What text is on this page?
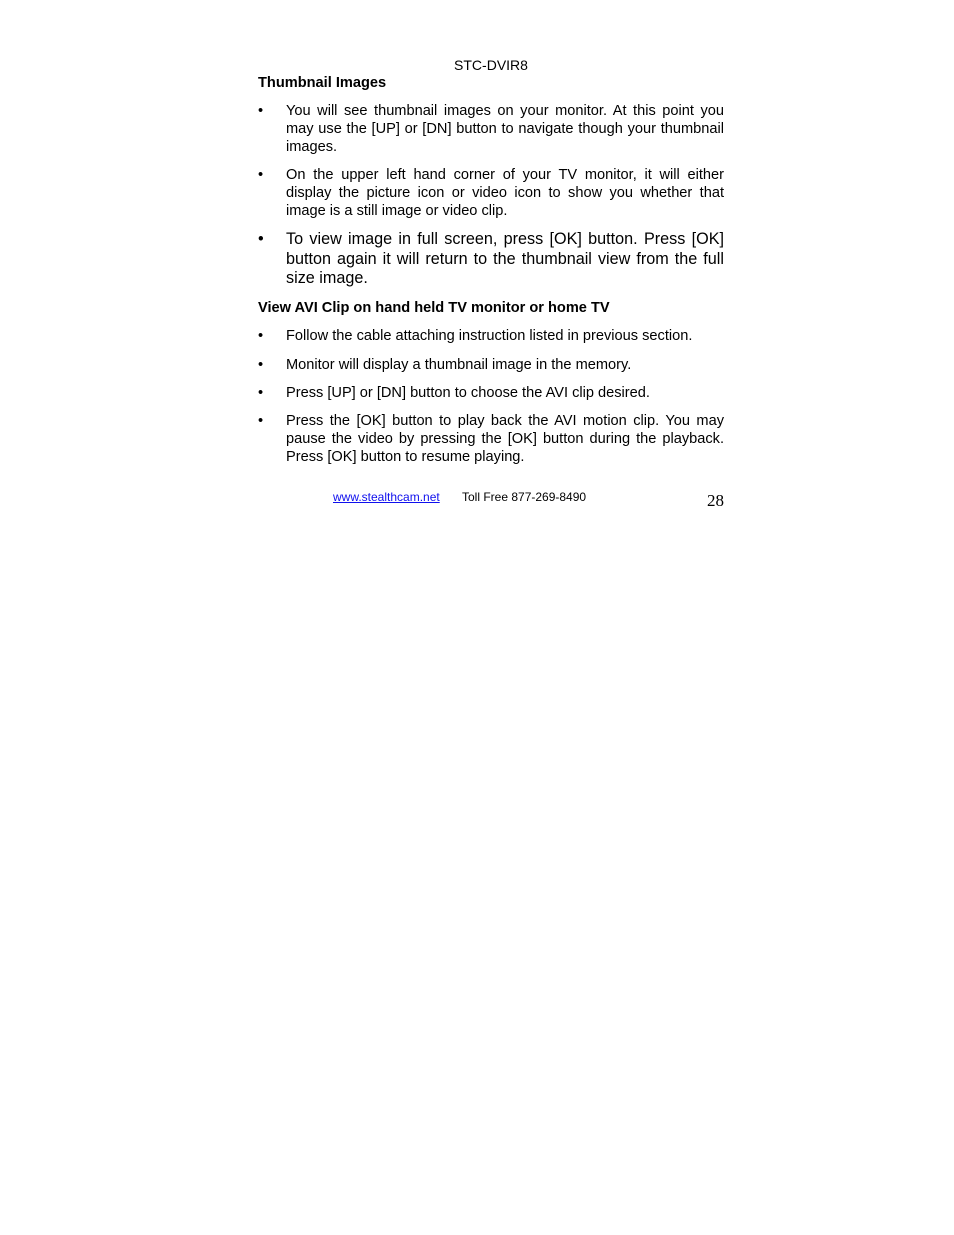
STC-DVIR8
Thumbnail Images
•	You will see thumbnail images on your monitor. At this point you may use the [UP] or [DN] button to navigate though your thumbnail images.
•	On the upper left hand corner of your TV monitor, it will either display the picture icon or video icon to show you whether that image is a still image or video clip.
•	To view image in full screen, press [OK] button. Press [OK] button again it will return to the thumbnail view from the full size image.
View AVI Clip on hand held TV monitor or home TV
•	Follow the cable attaching instruction listed in previous section.
•	Monitor will display a thumbnail image in the memory.
•	Press [UP] or [DN] button to choose the AVI clip desired.
•	Press the [OK] button to play back the AVI motion clip. You may pause the video by pressing the [OK] button during the playback. Press [OK] button to resume playing.
www.stealthcam.net Toll Free 877-269-8490	28
